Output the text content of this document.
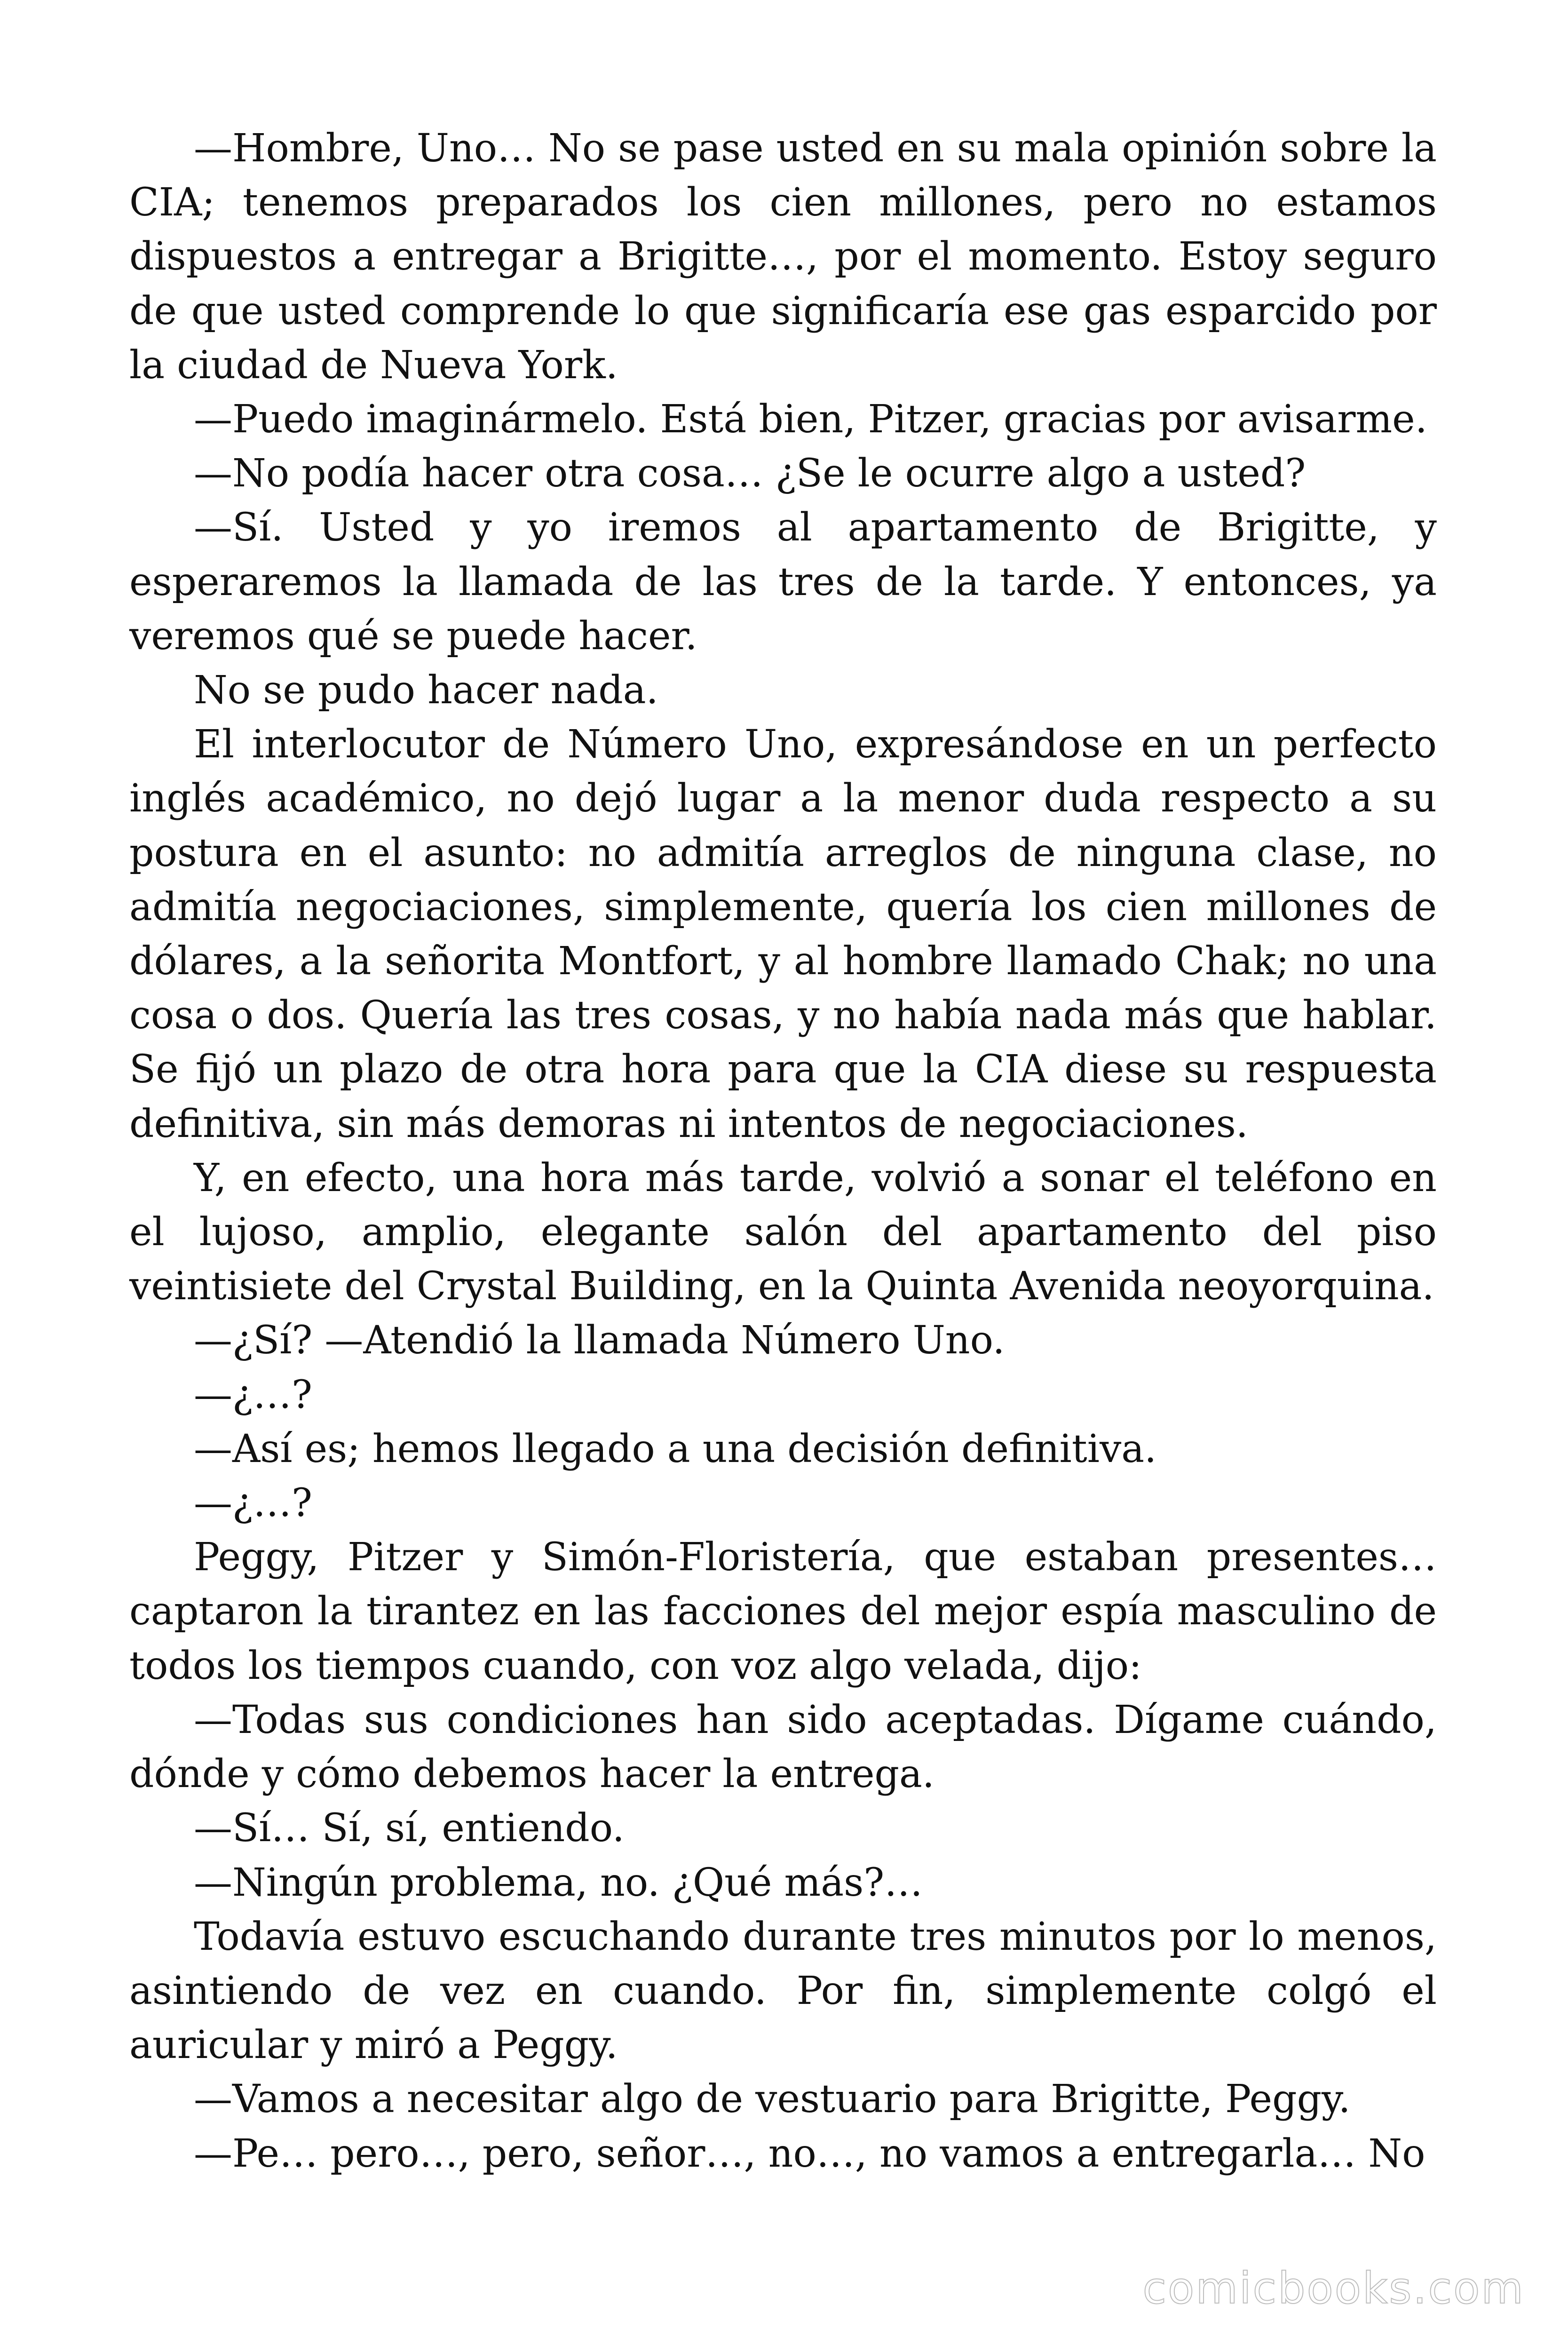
—Hombre, Uno… No se pase usted en su mala opinión sobre la CIA; tenemos preparados los cien millones, pero no estamos dispuestos a entregar a Brigitte…, por el momento. Estoy seguro de que usted comprende lo que significaría ese gas esparcido por la ciudad de Nueva York.

—Puedo imaginármelo. Está bien, Pitzer, gracias por avisarme.

—No podía hacer otra cosa… ¿Se le ocurre algo a usted?

—Sí. Usted y yo iremos al apartamento de Brigitte, y esperaremos la llamada de las tres de la tarde. Y entonces, ya veremos qué se puede hacer.

No se pudo hacer nada.

El interlocutor de Número Uno, expresándose en un perfecto inglés académico, no dejó lugar a la menor duda respecto a su postura en el asunto: no admitía arreglos de ninguna clase, no admitía negociaciones, simplemente, quería los cien millones de dólares, a la señorita Montfort, y al hombre llamado Chak; no una cosa o dos. Quería las tres cosas, y no había nada más que hablar. Se fijó un plazo de otra hora para que la CIA diese su respuesta definitiva, sin más demoras ni intentos de negociaciones.

Y, en efecto, una hora más tarde, volvió a sonar el teléfono en el lujoso, amplio, elegante salón del apartamento del piso veintisiete del Crystal Building, en la Quinta Avenida neoyorquina.

—¿Sí? —Atendió la llamada Número Uno.

—¿…?

—Así es; hemos llegado a una decisión definitiva.

—¿…?

Peggy, Pitzer y Simón-Floristería, que estaban presentes… captaron la tirantez en las facciones del mejor espía masculino de todos los tiempos cuando, con voz algo velada, dijo:

—Todas sus condiciones han sido aceptadas. Dígame cuándo, dónde y cómo debemos hacer la entrega.

—Sí… Sí, sí, entiendo.

—Ningún problema, no. ¿Qué más?…

Todavía estuvo escuchando durante tres minutos por lo menos, asintiendo de vez en cuando. Por fin, simplemente colgó el auricular y miró a Peggy.

—Vamos a necesitar algo de vestuario para Brigitte, Peggy.

—Pe… pero…, pero, señor…, no…, no vamos a entregarla… No

comicbooks.com
